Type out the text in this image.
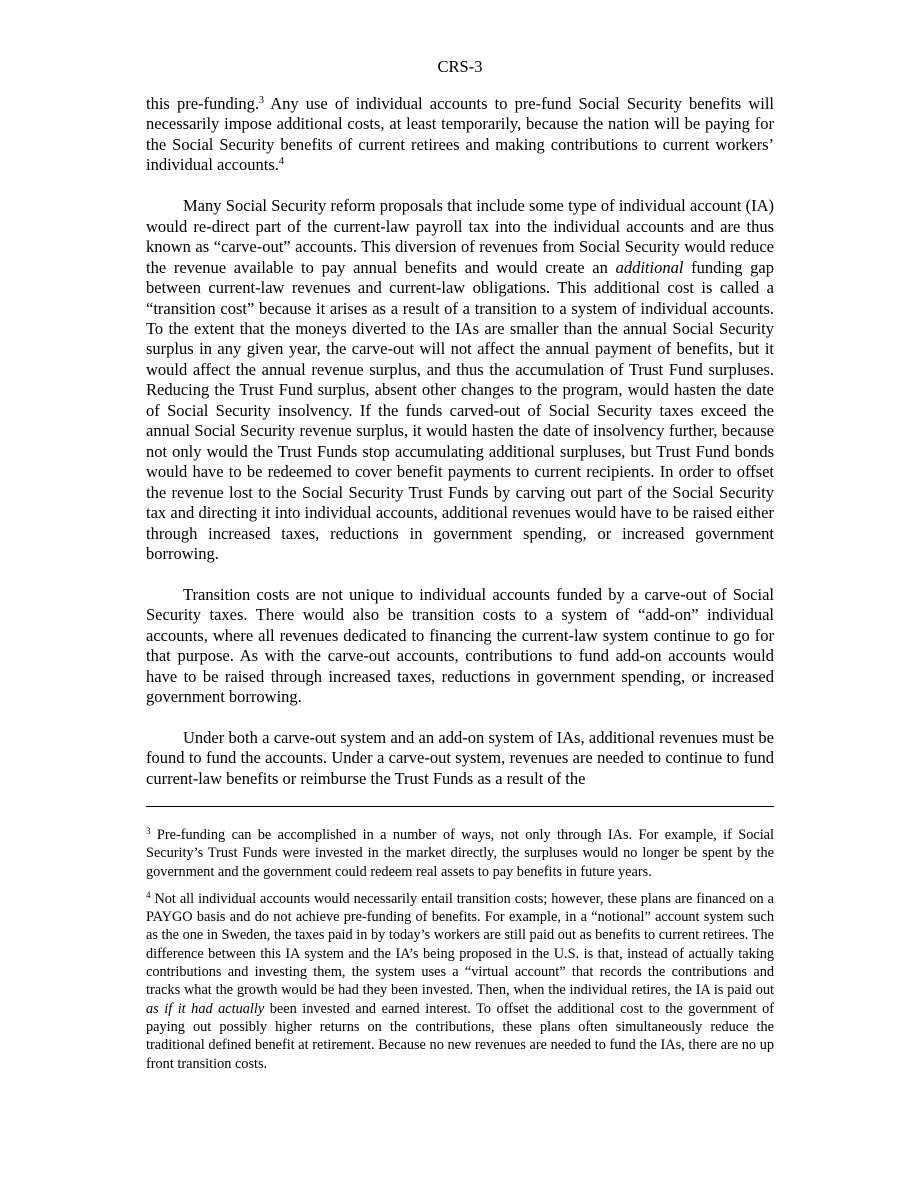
CRS-3

this pre-funding.$^3$ Any use of individual accounts to pre-fund Social Security benefits will necessarily impose additional costs, at least temporarily, because the nation will be paying for the Social Security benefits of current retirees and making contributions to current workers’ individual accounts.$^4$

Many Social Security reform proposals that include some type of individual account (IA) would re-direct part of the current-law payroll tax into the individual accounts and are thus known as “carve-out” accounts. This diversion of revenues from Social Security would reduce the revenue available to pay annual benefits and would create an additional funding gap between current-law revenues and current-law obligations. This additional cost is called a “transition cost” because it arises as a result of a transition to a system of individual accounts. To the extent that the moneys diverted to the IAs are smaller than the annual Social Security surplus in any given year, the carve-out will not affect the annual payment of benefits, but it would affect the annual revenue surplus, and thus the accumulation of Trust Fund surpluses. Reducing the Trust Fund surplus, absent other changes to the program, would hasten the date of Social Security insolvency. If the funds carved-out of Social Security taxes exceed the annual Social Security revenue surplus, it would hasten the date of insolvency further, because not only would the Trust Funds stop accumulating additional surpluses, but Trust Fund bonds would have to be redeemed to cover benefit payments to current recipients. In order to offset the revenue lost to the Social Security Trust Funds by carving out part of the Social Security tax and directing it into individual accounts, additional revenues would have to be raised either through increased taxes, reductions in government spending, or increased government borrowing.

Transition costs are not unique to individual accounts funded by a carve-out of Social Security taxes. There would also be transition costs to a system of “add-on” individual accounts, where all revenues dedicated to financing the current-law system continue to go for that purpose. As with the carve-out accounts, contributions to fund add-on accounts would have to be raised through increased taxes, reductions in government spending, or increased government borrowing.

Under both a carve-out system and an add-on system of IAs, additional revenues must be found to fund the accounts. Under a carve-out system, revenues are needed to continue to fund current-law benefits or reimburse the Trust Funds as a result of the

$^3$ Pre-funding can be accomplished in a number of ways, not only through IAs. For example, if Social Security’s Trust Funds were invested in the market directly, the surpluses would no longer be spent by the government and the government could redeem real assets to pay benefits in future years.

$^4$ Not all individual accounts would necessarily entail transition costs; however, these plans are financed on a PAYGO basis and do not achieve pre-funding of benefits. For example, in a “notional” account system such as the one in Sweden, the taxes paid in by today’s workers are still paid out as benefits to current retirees. The difference between this IA system and the IA’s being proposed in the U.S. is that, instead of actually taking contributions and investing them, the system uses a “virtual account” that records the contributions and tracks what the growth would be had they been invested. Then, when the individual retires, the IA is paid out as if it had actually been invested and earned interest. To offset the additional cost to the government of paying out possibly higher returns on the contributions, these plans often simultaneously reduce the traditional defined benefit at retirement. Because no new revenues are needed to fund the IAs, there are no up front transition costs.
